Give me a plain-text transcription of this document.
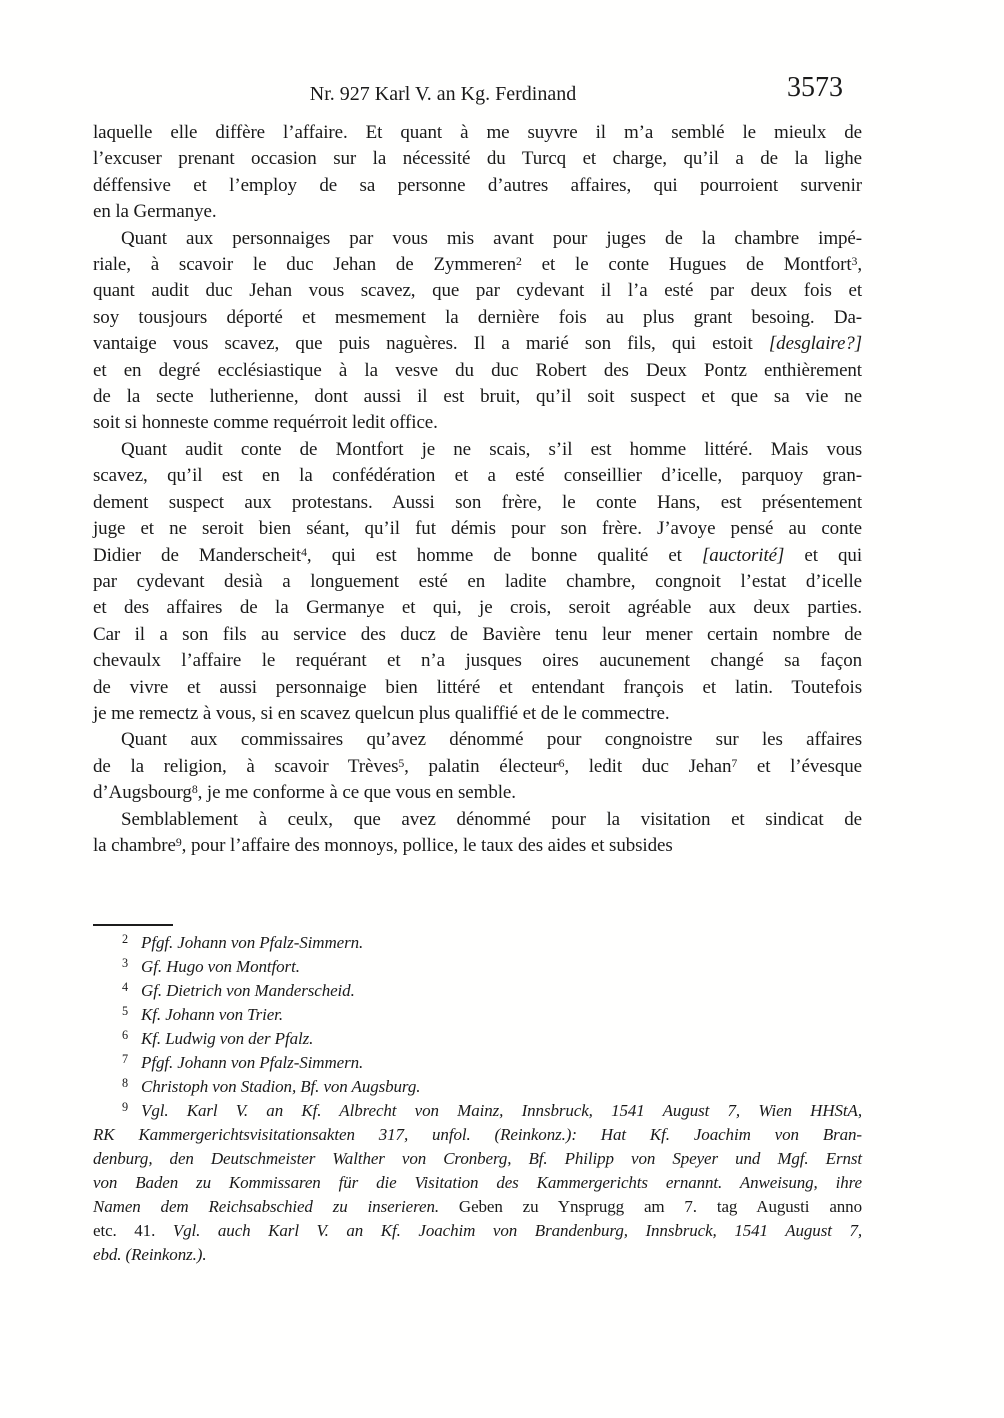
Nr. 927 Karl V. an Kg. Ferdinand	3573
laquelle elle diffère l’affaire. Et quant à me suyvre il m’a semblé le mieulx de
l’excuser prenant occasion sur la nécessité du Turcq et charge, qu’il a de la lighe
déffensive et l’employ de sa personne d’autres affaires, qui pourroient survenir
en la Germanye.
Quant aux personnaiges par vous mis avant pour juges de la chambre impé-
riale, à scavoir le duc Jehan de Zymmeren$^2$ et le conte Hugues de Montfort$^3$,
quant audit duc Jehan vous scavez, que par cydevant il l’a esté par deux fois et
soy tousjours déporté et mesmement la dernière fois au plus grant besoing. Da-
vantaige vous scavez, que puis naguères. Il a marié son fils, qui estoit [desglaire?]
et en degré ecclésiastique à la vesve du duc Robert des Deux Pontz enthièrement
de la secte lutherienne, dont aussi il est bruit, qu’il soit suspect et que sa vie ne
soit si honneste comme requérroit ledit office.
Quant audit conte de Montfort je ne scais, s’il est homme littéré. Mais vous
scavez, qu’il est en la confédération et a esté conseillier d’icelle, parquoy gran-
dement suspect aux protestans. Aussi son frère, le conte Hans, est présentement
juge et ne seroit bien séant, qu’il fut démis pour son frère. J’avoye pensé au conte
Didier de Manderscheit$^4$, qui est homme de bonne qualité et [auctorité] et qui
par cydevant desià a longuement esté en ladite chambre, congnoit l’estat d’icelle
et des affaires de la Germanye et qui, je crois, seroit agréable aux deux parties.
Car il a son fils au service des ducz de Bavière tenu leur mener certain nombre de
chevaulx l’affaire le requérant et n’a jusques oires aucunement changé sa façon
de vivre et aussi personnaige bien littéré et entendant françois et latin. Toutefois
je me remectz à vous, si en scavez quelcun plus qualiffié et de le commectre.
Quant aux commissaires qu’avez dénommé pour congnoistre sur les affaires
de la religion, à scavoir Trèves$^5$, palatin électeur$^6$, ledit duc Jehan$^7$ et l’évesque
d’Augsbourg$^8$, je me conforme à ce que vous en semble.
Semblablement à ceulx, que avez dénommé pour la visitation et sindicat de
la chambre$^9$, pour l’affaire des monnoys, pollice, le taux des aides et subsides
$^2$ Pfgf. Johann von Pfalz-Simmern.
$^3$ Gf. Hugo von Montfort.
$^4$ Gf. Dietrich von Manderscheid.
$^5$ Kf. Johann von Trier.
$^6$ Kf. Ludwig von der Pfalz.
$^7$ Pfgf. Johann von Pfalz-Simmern.
$^8$ Christoph von Stadion, Bf. von Augsburg.
$^9$ Vgl. Karl V. an Kf. Albrecht von Mainz, Innsbruck, 1541 August 7, Wien HHStA,
RK Kammergerichtsvisitationsakten 317, unfol. (Reinkonz.): Hat Kf. Joachim von Bran-
denburg, den Deutschmeister Walther von Cronberg, Bf. Philipp von Speyer und Mgf. Ernst
von Baden zu Kommissaren für die Visitation des Kammergerichts ernannt. Anweisung, ihre
Namen dem Reichsabschied zu inserieren. Geben zu Ynsprugg am 7. tag Augusti anno
etc. 41. Vgl. auch Karl V. an Kf. Joachim von Brandenburg, Innsbruck, 1541 August 7,
ebd. (Reinkonz.).
